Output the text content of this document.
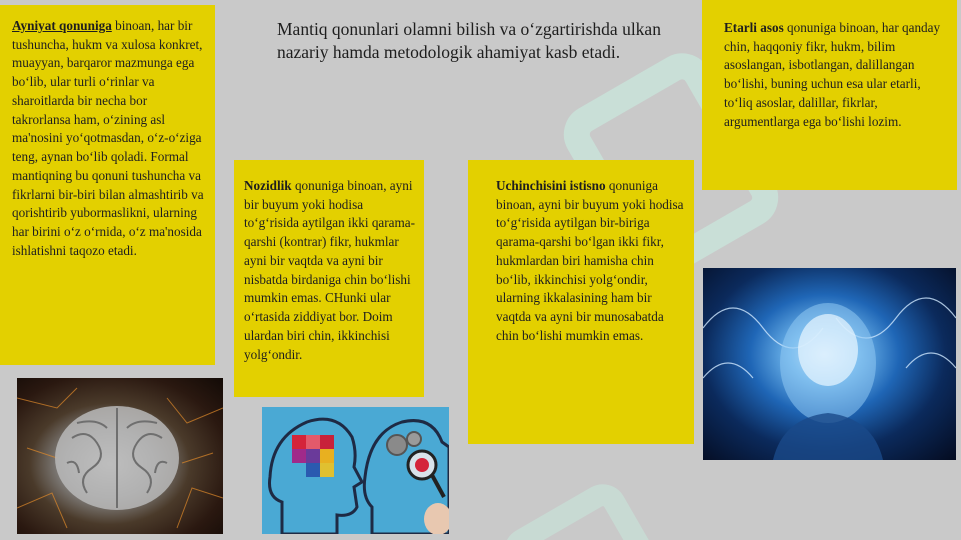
Ayniyat qonuniga binoan, har bir tushuncha, hukm va xulosa konkret, muayyan, barqaror mazmunga ega bo‘lib, ular turli o‘rinlar va sharoitlarda bir necha bor takrorlansa ham, o‘zining asl ma'nosini yo‘qotmasdan, o‘z-o‘ziga teng, aynan bo‘lib qoladi. Formal mantiqning bu qonuni tushuncha va fikrlarni bir-biri bilan almashtirib va qorishtirib yubormaslikni, ularning har birini o‘z o‘rnida, o‘z ma'nosida ishlatishni taqozo etadi.

Mantiq qonunlari olamni bilish va o‘zgartirishda ulkan nazariy hamda metodologik ahamiyat kasb etadi.

Nozidlik qonuniga binoan, ayni bir buyum yoki hodisa to‘g‘risida aytilgan ikki qarama-qarshi (kontrar) fikr, hukmlar ayni bir vaqtda va ayni bir nisbatda birdaniga chin bo‘lishi mumkin emas. CHunki ular o‘rtasida ziddiyat bor. Doim ulardan biri chin, ikkinchisi yolg‘ondir.

Uchinchisini istisno qonuniga binoan, ayni bir buyum yoki hodisa to‘g‘risida aytilgan bir-biriga qarama-qarshi bo‘lgan ikki fikr, hukmlardan biri hamisha chin bo‘lib, ikkinchisi yolg‘ondir, ularning ikkalasining ham bir vaqtda va ayni bir munosabatda chin bo‘lishi mumkin emas.

Etarli asos qonuniga binoan, har qanday chin, haqqoniy fikr, hukm, bilim asoslangan, isbotlangan, dalillangan bo‘lishi, buning uchun esa ular etarli, to‘liq asoslar, dalillar, fikrlar, argumentlarga ega bo‘lishi lozim.
